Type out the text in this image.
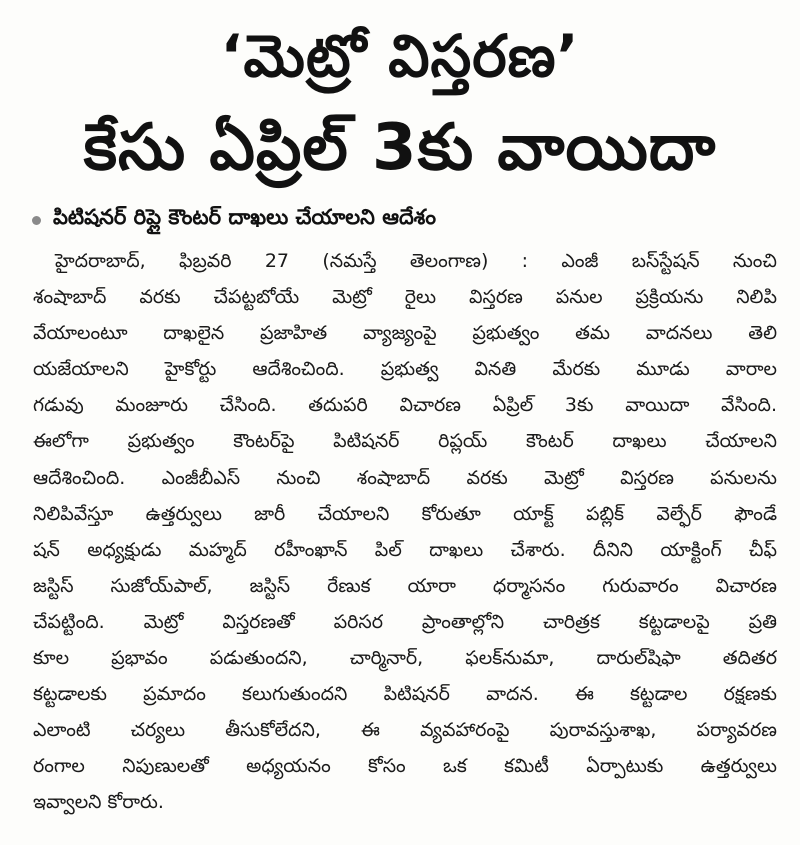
‘మెట్రో విస్తరణ’
కేసు ఏప్రిల్ 3కు వాయిదా
పిటిషనర్ రిప్లై కౌంటర్ దాఖలు చేయాలని ఆదేశం
హైదరాబాద్, ఫిబ్రవరి 27 (నమస్తే తెలంగాణ) : ఎంజీ బస్‌స్టేషన్ నుంచి
శంషాబాద్ వరకు చేపట్టబోయే మెట్రో రైలు విస్తరణ పనుల ప్రక్రియను నిలిపి
వేయాలంటూ దాఖలైన ప్రజాహిత వ్యాజ్యంపై ప్రభుత్వం తమ వాదనలు తెలి
యజేయాలని హైకోర్టు ఆదేశించింది. ప్రభుత్వ వినతి మేరకు మూడు వారాల
గడువు మంజూరు చేసింది. తదుపరి విచారణ ఏప్రిల్ 3కు వాయిదా వేసింది.
ఈలోగా ప్రభుత్వం కౌంటర్‌పై పిటిషనర్ రిప్లయ్ కౌంటర్ దాఖలు చేయాలని
ఆదేశించింది. ఎంజీబీఎస్ నుంచి శంషాబాద్ వరకు మెట్రో విస్తరణ పనులను
నిలిపివేస్తూ ఉత్తర్వులు జారీ చేయాలని కోరుతూ యాక్ట్ పబ్లిక్ వెల్ఫేర్ ఫౌండే
షన్ అధ్యక్షుడు మహ్మద్ రహీంఖాన్ పిల్ దాఖలు చేశారు. దీనిని యాక్టింగ్ చీఫ్
జస్టిస్ సుజోయ్‌పాల్, జస్టిస్ రేణుక యారా ధర్మాసనం గురువారం విచారణ
చేపట్టింది. మెట్రో విస్తరణతో పరిసర ప్రాంతాల్లోని చారిత్రక కట్టడాలపై ప్రతి
కూల ప్రభావం పడుతుందని, చార్మినార్, ఫలక్‌నుమా, దారుల్‌షిఫా తదితర
కట్టడాలకు ప్రమాదం కలుగుతుందని పిటిషనర్ వాదన. ఈ కట్టడాల రక్షణకు
ఎలాంటి చర్యలు తీసుకోలేదని, ఈ వ్యవహారంపై పురావస్తుశాఖ, పర్యావరణ
రంగాల నిపుణులతో అధ్యయనం కోసం ఒక కమిటీ ఏర్పాటుకు ఉత్తర్వులు
ఇవ్వాలని కోరారు.
